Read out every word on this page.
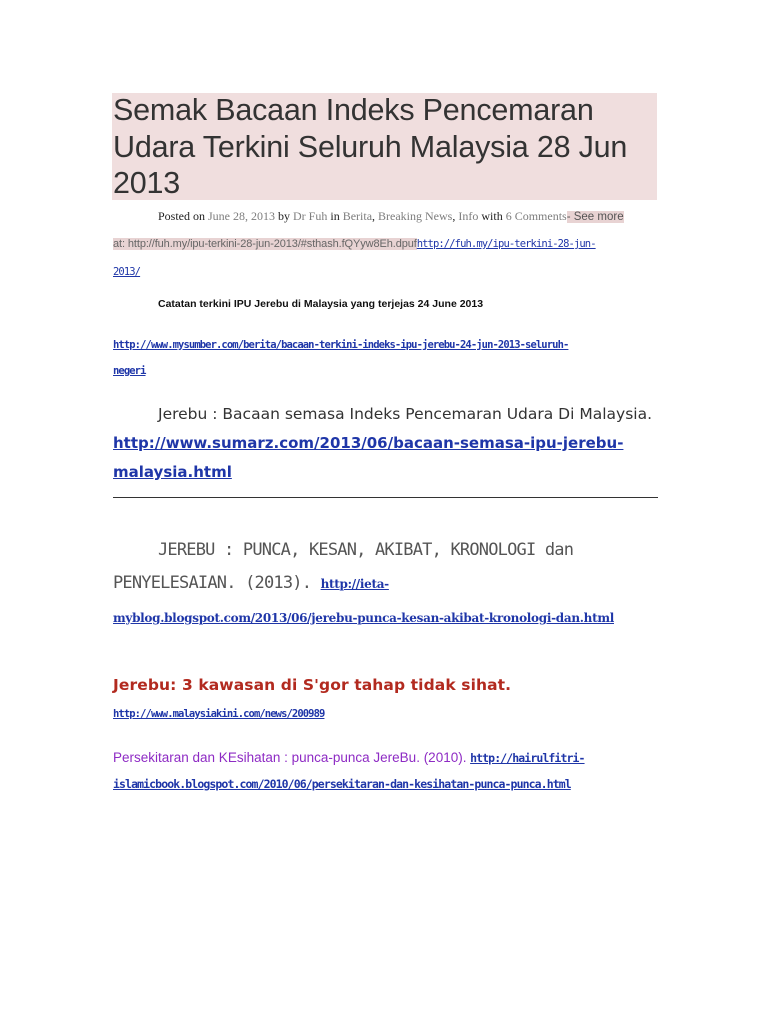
Semak Bacaan Indeks Pencemaran Udara Terkini Seluruh Malaysia 28 Jun 2013
Posted on June 28, 2013 by Dr Fuh in Berita, Breaking News, Info with 6 Comments- See more
at: http://fuh.my/ipu-terkini-28-jun-2013/#sthash.fQYyw8Eh.dpufhttp://fuh.my/ipu-terkini-28-jun-
2013/
Catatan terkini IPU Jerebu di Malaysia yang terjejas 24 June 2013
http://www.mysumber.com/berita/bacaan-terkini-indeks-ipu-jerebu-24-jun-2013-seluruh-
negeri
Jerebu : Bacaan semasa Indeks Pencemaran Udara Di Malaysia. http://www.sumarz.com/2013/06/bacaan-semasa-ipu-jerebu-malaysia.html
JEREBU : PUNCA, KESAN, AKIBAT, KRONOLOGI dan PENYELESAIAN. (2013). http://ieta-
myblog.blogspot.com/2013/06/jerebu-punca-kesan-akibat-kronologi-dan.html
Jerebu: 3 kawasan di S'gor tahap tidak sihat.
http://www.malaysiakini.com/news/200989
Persekitaran dan KEsihatan : punca-punca JereBu. (2010). http://hairulfitri-
islamicbook.blogspot.com/2010/06/persekitaran-dan-kesihatan-punca-punca.html
